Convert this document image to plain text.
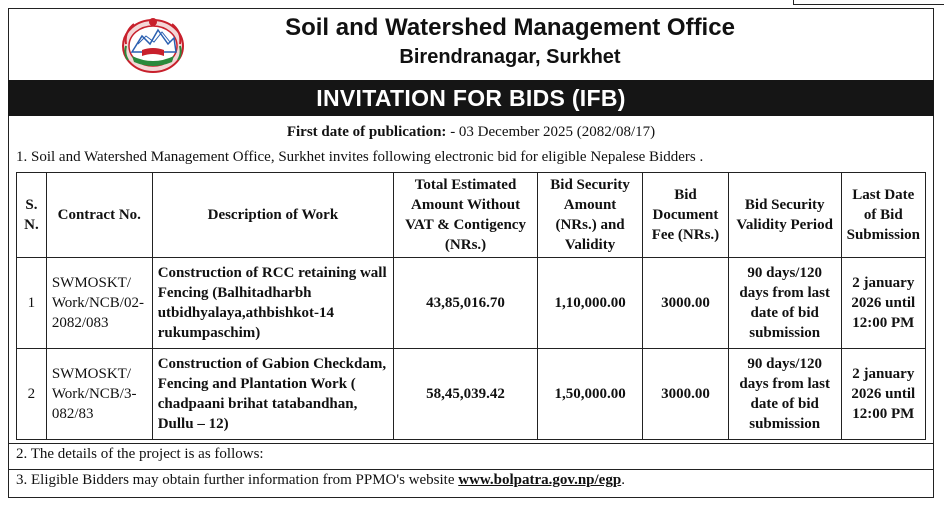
Soil and Watershed Management Office
Birendranagar, Surkhet
INVITATION FOR BIDS (IFB)
First date of publication: - 03 December 2025 (2082/08/17)
1. Soil and Watershed Management Office, Surkhet invites following electronic bid for eligible Nepalese Bidders .
S. N.	Contract No.	Description of Work	Total Estimated Amount Without VAT & Contigency (NRs.)	Bid Security Amount (NRs.) and Validity	Bid Document Fee (NRs.)	Bid Security Validity Period	Last Date of Bid Submission
1	SWMOSKT/ Work/NCB/02-2082/083	Construction of RCC retaining wall Fencing (Balhitadharbh utbidhyalaya,athbishkot-14 rukumpaschim)	43,85,016.70	1,10,000.00	3000.00	90 days/120 days from last date of bid submission	2 january 2026 until 12:00 PM
2	SWMOSKT/ Work/NCB/3-082/83	Construction of Gabion Checkdam, Fencing and Plantation Work ( chadpaani brihat tatabandhan, Dullu – 12)	58,45,039.42	1,50,000.00	3000.00	90 days/120 days from last date of bid submission	2 january 2026 until 12:00 PM
2. The details of the project is as follows:
3. Eligible Bidders may obtain further information from PPMO's website www.bolpatra.gov.np/egp.
